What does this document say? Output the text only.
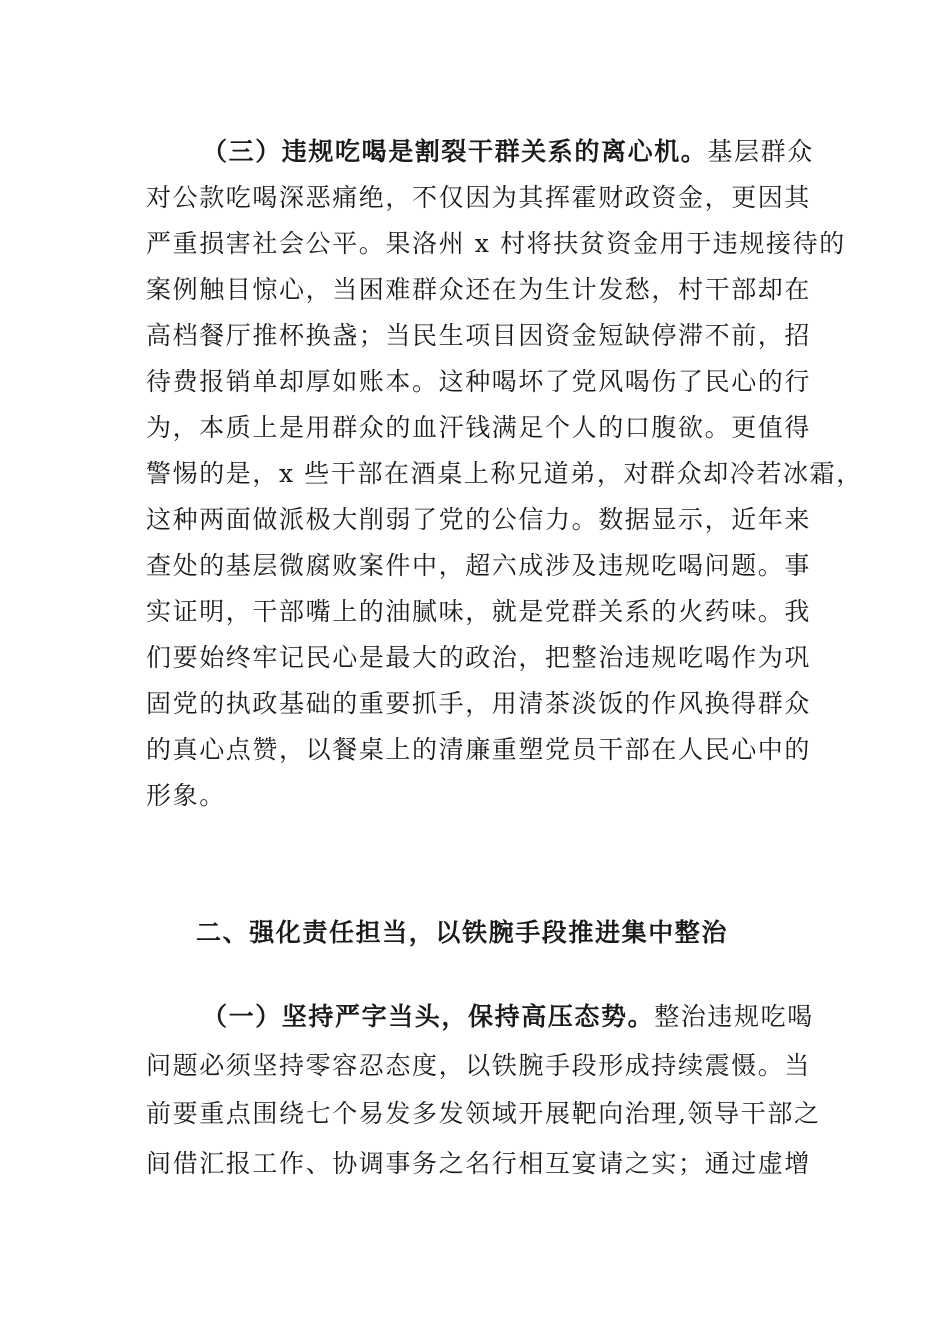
（三）违规吃喝是割裂干群关系的离心机。基层群众
对公款吃喝深恶痛绝，不仅因为其挥霍财政资金，更因其
严重损害社会公平。果洛州 x 村将扶贫资金用于违规接待的
案例触目惊心，当困难群众还在为生计发愁，村干部却在
高档餐厅推杯换盏；当民生项目因资金短缺停滞不前，招
待费报销单却厚如账本。这种喝坏了党风喝伤了民心的行
为，本质上是用群众的血汗钱满足个人的口腹欲。更值得
警惕的是，x 些干部在酒桌上称兄道弟，对群众却冷若冰霜，
这种两面做派极大削弱了党的公信力。数据显示，近年来
查处的基层微腐败案件中，超六成涉及违规吃喝问题。事
实证明，干部嘴上的油腻味，就是党群关系的火药味。我
们要始终牢记民心是最大的政治，把整治违规吃喝作为巩
固党的执政基础的重要抓手，用清茶淡饭的作风换得群众
的真心点赞，以餐桌上的清廉重塑党员干部在人民心中的
形象。
二、强化责任担当，以铁腕手段推进集中整治
（一）坚持严字当头，保持高压态势。整治违规吃喝
问题必须坚持零容忍态度，以铁腕手段形成持续震慑。当
前要重点围绕七个易发多发领域开展靶向治理,领导干部之
间借汇报工作、协调事务之名行相互宴请之实；通过虚增
